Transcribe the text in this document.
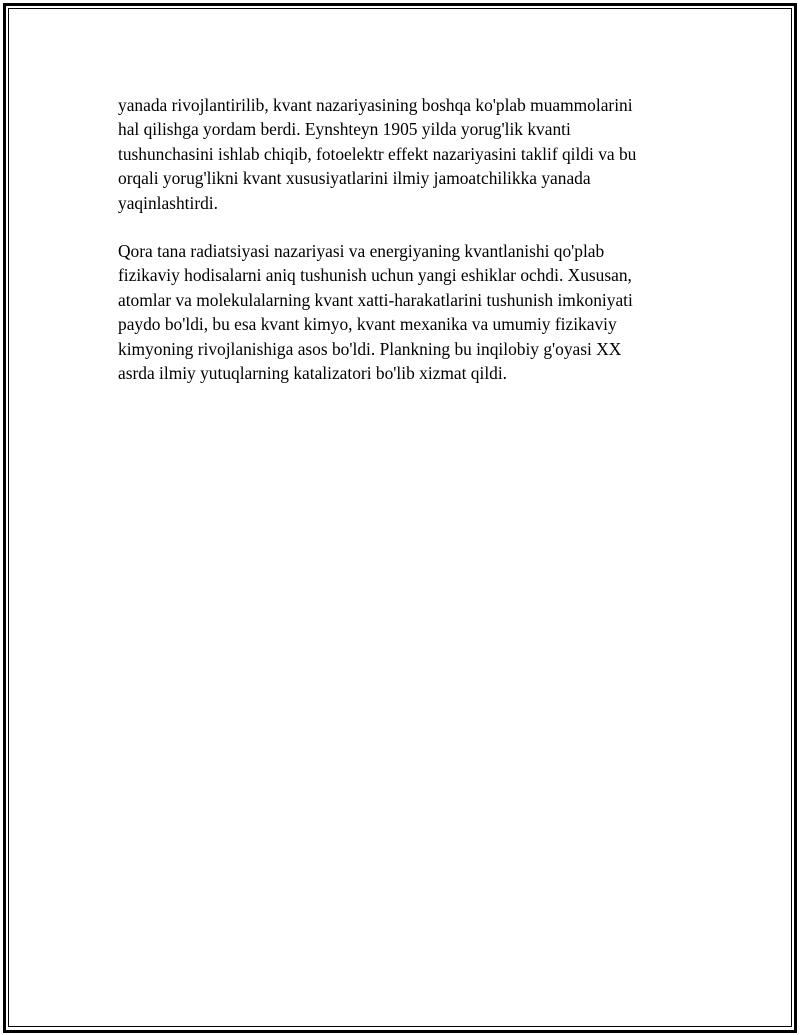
yanada rivojlantirilib, kvant nazariyasining boshqa ko'plab muammolarini
hal qilishga yordam berdi. Eynshteyn 1905 yilda yorug'lik kvanti
tushunchasini ishlab chiqib, fotoelektr effekt nazariyasini taklif qildi va bu
orqali yorug'likni kvant xususiyatlarini ilmiy jamoatchilikka yanada
yaqinlashtirdi.

Qora tana radiatsiyasi nazariyasi va energiyaning kvantlanishi qo'plab
fizikaviy hodisalarni aniq tushunish uchun yangi eshiklar ochdi. Xususan,
atomlar va molekulalarning kvant xatti-harakatlarini tushunish imkoniyati
paydo bo'ldi, bu esa kvant kimyo, kvant mexanika va umumiy fizikaviy
kimyoning rivojlanishiga asos bo'ldi. Plankning bu inqilobiy g'oyasi XX
asrda ilmiy yutuqlarning katalizatori bo'lib xizmat qildi.
